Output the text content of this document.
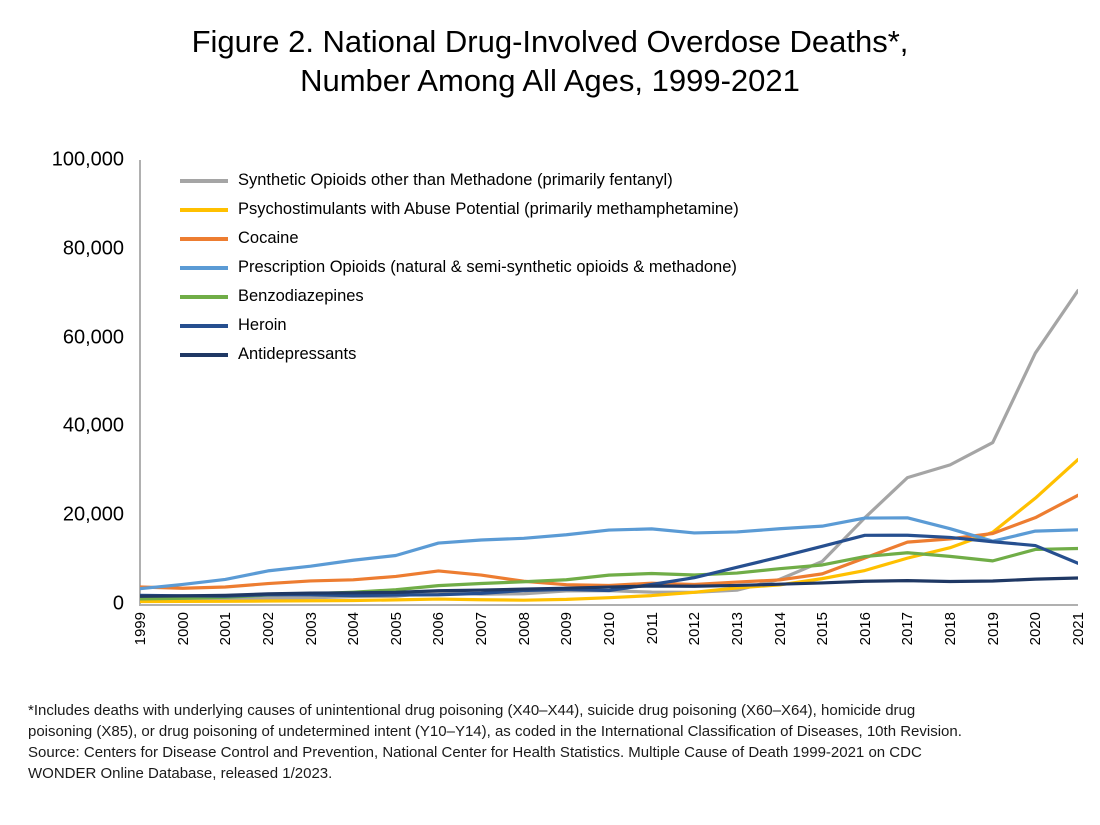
Figure 2. National Drug-Involved Overdose Deaths*,
Number Among All Ages, 1999-2021
100,000
80,000
60,000
40,000
20,000
0
1999 2000 2001 2002 2003 2004 2005 2006 2007 2008 2009 2010 2011 2012 2013 2014 2015 2016 2017 2018 2019 2020 2021
Synthetic Opioids other than Methadone (primarily fentanyl)
Psychostimulants with Abuse Potential (primarily methamphetamine)
Cocaine
Prescription Opioids (natural & semi-synthetic opioids & methadone)
Benzodiazepines
Heroin
Antidepressants

*Includes deaths with underlying causes of unintentional drug poisoning (X40–X44), suicide drug poisoning (X60–X64), homicide drug

poisoning (X85), or drug poisoning of undetermined intent (Y10–Y14), as coded in the International Classification of Diseases, 10th Revision.

Source: Centers for Disease Control and Prevention, National Center for Health Statistics. Multiple Cause of Death 1999-2021 on CDC

WONDER Online Database, released 1/2023.
